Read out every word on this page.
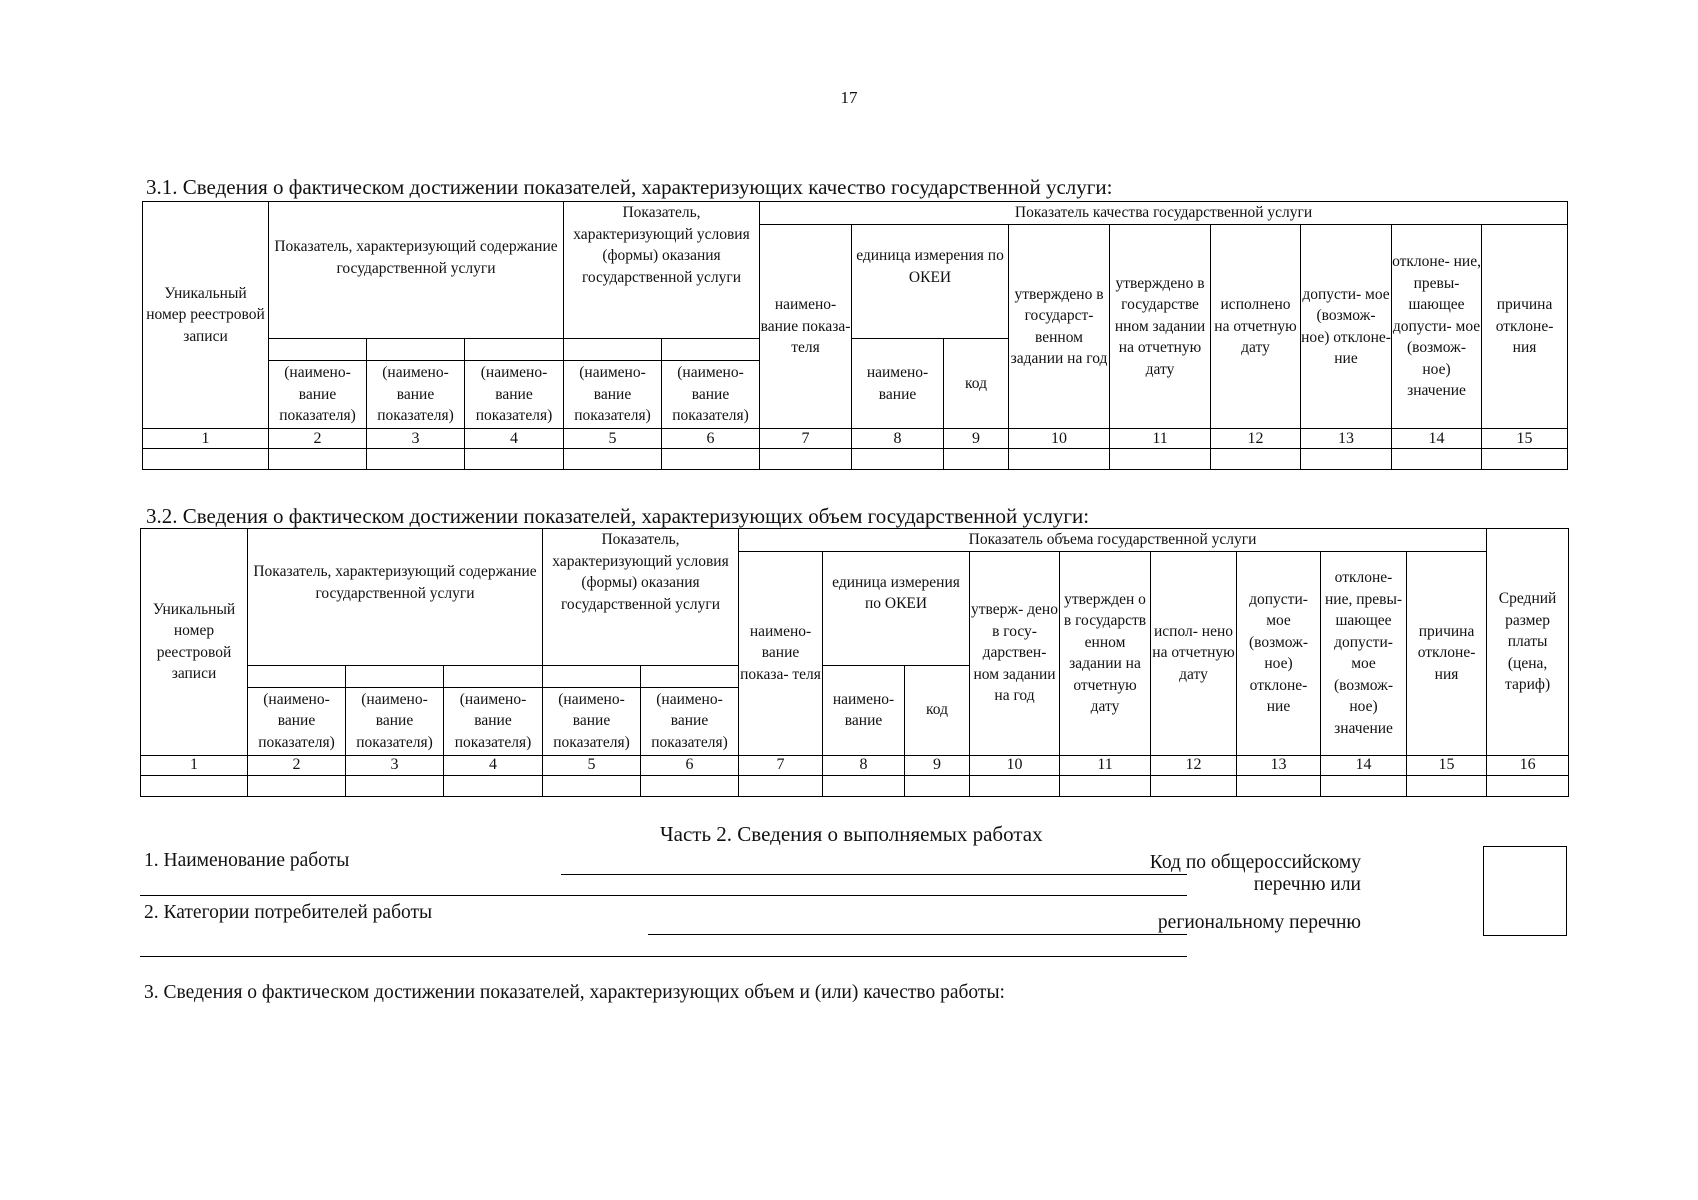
17
3.1. Сведения о фактическом достижении показателей, характеризующих качество государственной услуги:
Уникальный номер реестровой записи	Показатель, характеризующий содержание государственной услуги			Показатель, характеризующий условия (формы) оказания государственной услуги		Показатель качества государственной услуги								
						наимено- вание показа- теля	единица измерения по ОКЕИ		утверждено в государст- венном задании на год	утверждено в государстве нном задании на отчетную дату	исполнено на отчетную дату	допусти- мое (возмож- ное) отклоне- ние	отклоне- ние, превы- шающее допусти- мое (возмож- ное) значение	причина отклоне- ния
							наимено- вание	код						
	(наимено- вание показателя)	(наимено- вание показателя)	(наимено- вание показателя)	(наимено- вание показателя)	(наимено- вание показателя)									
1	2	3	4	5	6	7	8	9	10	11	12	13	14	15

3.2. Сведения о фактическом достижении показателей, характеризующих объем государственной услуги:
Уникальный номер реестровой записи	Показатель, характеризующий содержание государственной услуги			Показатель, характеризующий условия (формы) оказания государственной услуги		Показатель объема государственной услуги									Средний размер платы (цена, тариф)
						наимено- вание показа- теля	единица измерения по ОКЕИ		утверж- дено в госу- дарствен- ном задании на год	утвержден о в государств енном задании на отчетную дату	испол- нено на отчетную дату	допусти- мое (возмож- ное) отклоне- ние	отклоне- ние, превы- шающее допусти- мое (возмож- ное) значение	причина отклоне- ния	
							наимено- вание	код							
	(наимено- вание показателя)	(наимено- вание показателя)	(наимено- вание показателя)	(наимено- вание показателя)	(наимено- вание показателя)										
1	2	3	4	5	6	7	8	9	10	11	12	13	14	15	16

Часть 2. Сведения о выполняемых работах
1. Наименование работы
2. Категории потребителей работы
Код по общероссийскому
перечню или
региональному перечню
3. Сведения о фактическом достижении показателей, характеризующих объем и (или) качество работы:
